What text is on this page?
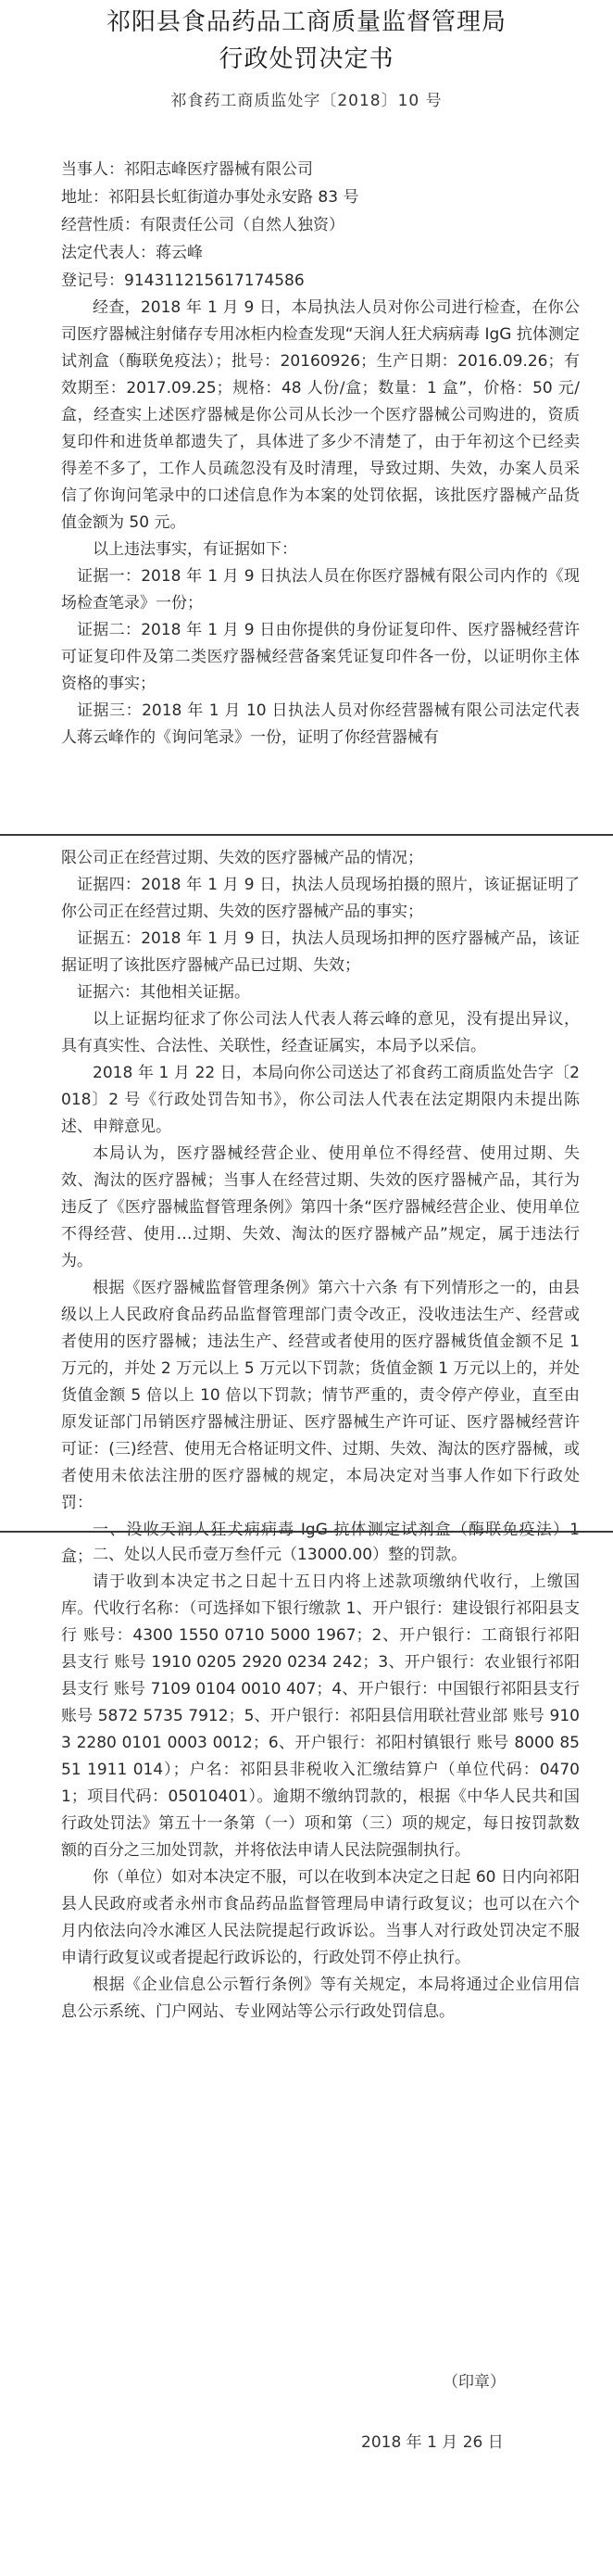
祁阳县食品药品工商质量监督管理局
行政处罚决定书
祁食药工商质监处字〔2018〕10 号

当事人：祁阳志峰医疗器械有限公司

地址：祁阳县长虹街道办事处永安路 83 号

经营性质：有限责任公司（自然人独资）

法定代表人：蒋云峰

登记号：914311215617174586

经查，2018 年 1 月 9 日，本局执法人员对你公司进行检查，在你公司医疗器械注射储存专用冰柜内检查发现“天润人狂犬病病毒 IgG 抗体测定试剂盒（酶联免疫法）；批号：20160926；生产日期：2016.09.26；有效期至：2017.09.25；规格：48 人份/盒；数量：1 盒”，价格：50 元/盒，经查实上述医疗器械是你公司从长沙一个医疗器械公司购进的，资质复印件和进货单都遗失了，具体进了多少不清楚了，由于年初这个已经卖得差不多了，工作人员疏忽没有及时清理，导致过期、失效，办案人员采信了你询问笔录中的口述信息作为本案的处罚依据，该批医疗器械产品货值金额为 50 元。

以上违法事实，有证据如下：

证据一：2018 年 1 月 9 日执法人员在你医疗器械有限公司内作的《现场检查笔录》一份；

证据二：2018 年 1 月 9 日由你提供的身份证复印件、医疗器械经营许可证复印件及第二类医疗器械经营备案凭证复印件各一份，以证明你主体资格的事实；

证据三：2018 年 1 月 10 日执法人员对你经营器械有限公司法定代表人蒋云峰作的《询问笔录》一份，证明了你经营器械有

限公司正在经营过期、失效的医疗器械产品的情况；

证据四：2018 年 1 月 9 日，执法人员现场拍摄的照片，该证据证明了你公司正在经营过期、失效的医疗器械产品的事实；

证据五：2018 年 1 月 9 日，执法人员现场扣押的医疗器械产品，该证据证明了该批医疗器械产品已过期、失效；

证据六：其他相关证据。

以上证据均征求了你公司法人代表人蒋云峰的意见，没有提出异议，具有真实性、合法性、关联性，经查证属实，本局予以采信。

2018 年 1 月 22 日，本局向你公司送达了祁食药工商质监处告字〔2018〕2 号《行政处罚告知书》，你公司法人代表在法定期限内未提出陈述、申辩意见。

本局认为，医疗器械经营企业、使用单位不得经营、使用过期、失效、淘汰的医疗器械；当事人在经营过期、失效的医疗器械产品，其行为违反了《医疗器械监督管理条例》第四十条“医疗器械经营企业、使用单位不得经营、使用…过期、失效、淘汰的医疗器械产品”规定，属于违法行为。

根据《医疗器械监督管理条例》第六十六条 有下列情形之一的，由县级以上人民政府食品药品监督管理部门责令改正，没收违法生产、经营或者使用的医疗器械；违法生产、经营或者使用的医疗器械货值金额不足 1 万元的，并处 2 万元以上 5 万元以下罚款；货值金额 1 万元以上的，并处货值金额 5 倍以上 10 倍以下罚款；情节严重的，责令停产停业，直至由原发证部门吊销医疗器械注册证、医疗器械生产许可证、医疗器械经营许可证：(三)经营、使用无合格证明文件、过期、失效、淘汰的医疗器械，或者使用未依法注册的医疗器械的规定，本局决定对当事人作如下行政处罚：

一、没收天润人狂犬病病毒 IgG 抗体测定试剂盒（酶联免疫法）1 盒； 二、处以人民币壹万叁仟元（13000.00）整的罚款。

请于收到本决定书之日起十五日内将上述款项缴纳代收行，上缴国库。代收行名称：（可选择如下银行缴款 1、开户银行：建设银行祁阳县支行 账号：4300 1550 0710 5000 1967；2、开户银行：工商银行祁阳县支行 账号 1910 0205 2920 0234 242；3、开户银行：农业银行祁阳县支行 账号 7109 0104 0010 407；4、开户银行：中国银行祁阳县支行 账号 5872 5735 7912；5、开户银行：祁阳县信用联社营业部 账号 9103 2280 0101 0003 0012；6、开户银行：祁阳村镇银行 账号 8000 8551 1911 014）；户名：祁阳县非税收入汇缴结算户（单位代码：04701；项目代码：05010401）。逾期不缴纳罚款的，根据《中华人民共和国行政处罚法》第五十一条第（一）项和第（三）项的规定，每日按罚款数额的百分之三加处罚款，并将依法申请人民法院强制执行。

你（单位）如对本决定不服，可以在收到本决定之日起 60 日内向祁阳县人民政府或者永州市食品药品监督管理局申请行政复议；也可以在六个月内依法向冷水滩区人民法院提起行政诉讼。当事人对行政处罚决定不服申请行政复议或者提起行政诉讼的，行政处罚不停止执行。

根据《企业信息公示暂行条例》等有关规定，本局将通过企业信用信息公示系统、门户网站、专业网站等公示行政处罚信息。

（印章）
2018 年 1 月 26 日
